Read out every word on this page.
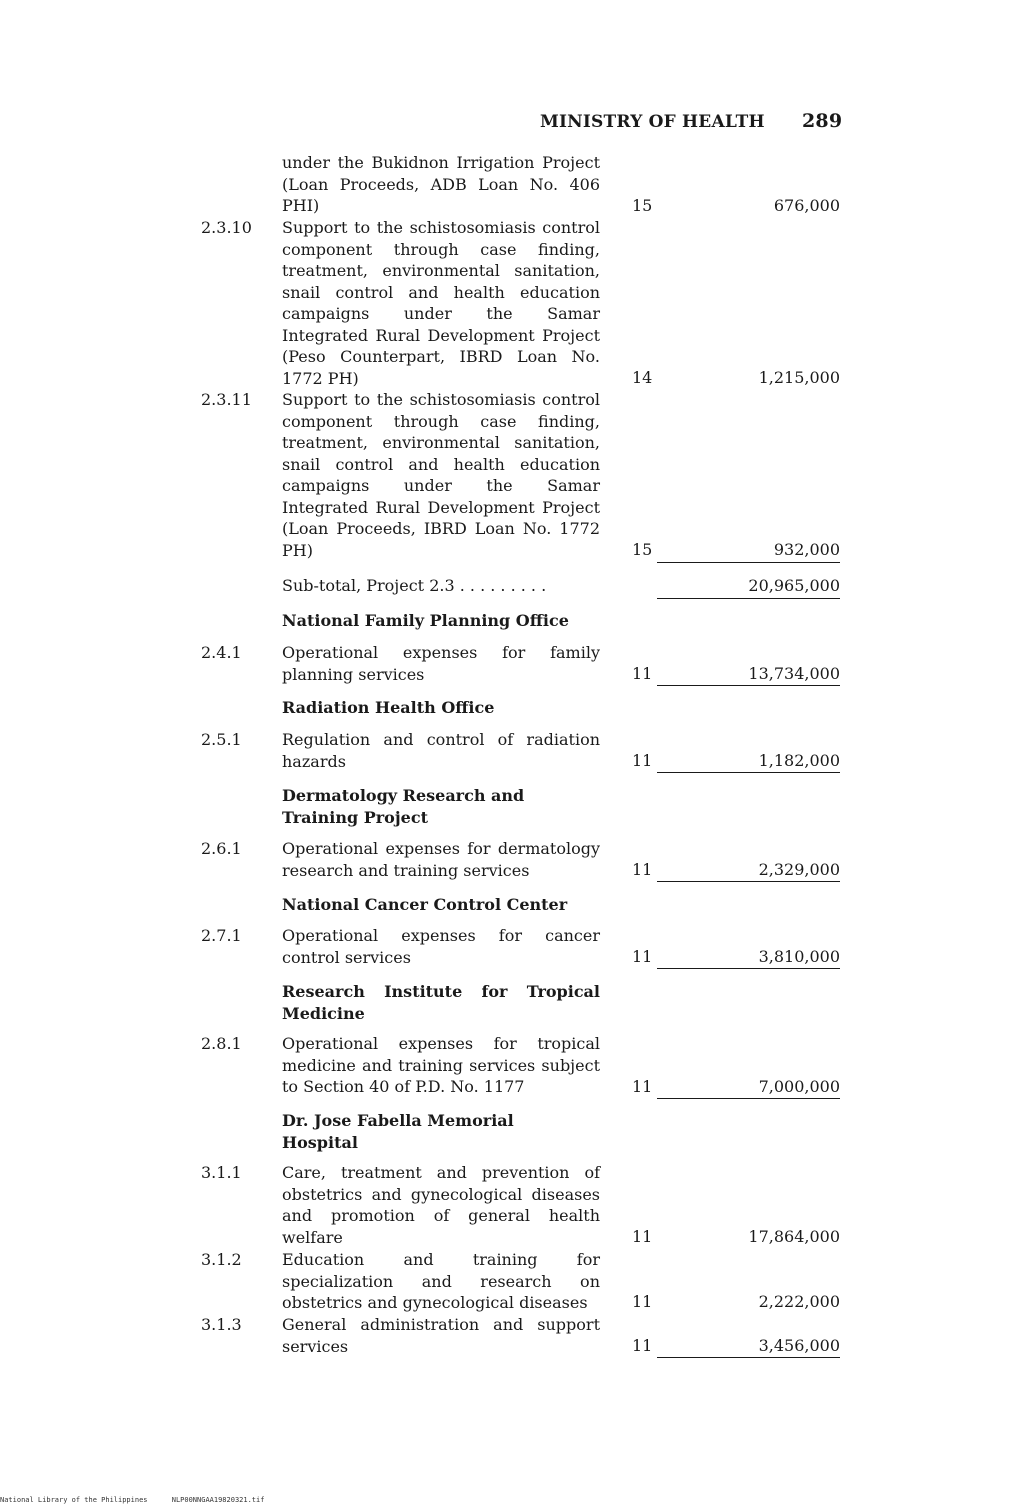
MINISTRY OF HEALTH 289
under the Bukidnon Irrigation Project (Loan Proceeds, ADB Loan No. 406 PHI)	15	676,000
2.3.10 Support to the schistosomiasis control component through case finding, treatment, environmental sanitation, snail control and health education campaigns under the Samar Integrated Rural Development Project (Peso Counterpart, IBRD Loan No. 1772 PH)	14	1,215,000
2.3.11 Support to the schistosomiasis control component through case finding, treatment, environmental sanitation, snail control and health education campaigns under the Samar Integrated Rural Development Project (Loan Proceeds, IBRD Loan No. 1772 PH)	15	932,000
Sub-total, Project 2.3 . . . . . . . . .	20,965,000
National Family Planning Office
2.4.1	Operational expenses for family planning services	11	13,734,000
Radiation Health Office
2.5.1	Regulation and control of radiation hazards	11	1,182,000
Dermatology Research and Training Project
2.6.1	Operational expenses for dermatology research and training services	11	2,329,000
National Cancer Control Center
2.7.1	Operational expenses for cancer control services	11	3,810,000
Research Institute for Tropical Medicine
2.8.1	Operational expenses for tropical medicine and training services subject to Section 40 of P.D. No. 1177	11	7,000,000
Dr. Jose Fabella Memorial Hospital
3.1.1	Care, treatment and prevention of obstetrics and gynecological diseases and promotion of general health welfare	11	17,864,000
3.1.2	Education and training for specialization and research on obstetrics and gynecological diseases	11	2,222,000
3.1.3	General administration and support services	11	3,456,000
National Library of the Philippines	NLP00NNGAA19820321.tif
